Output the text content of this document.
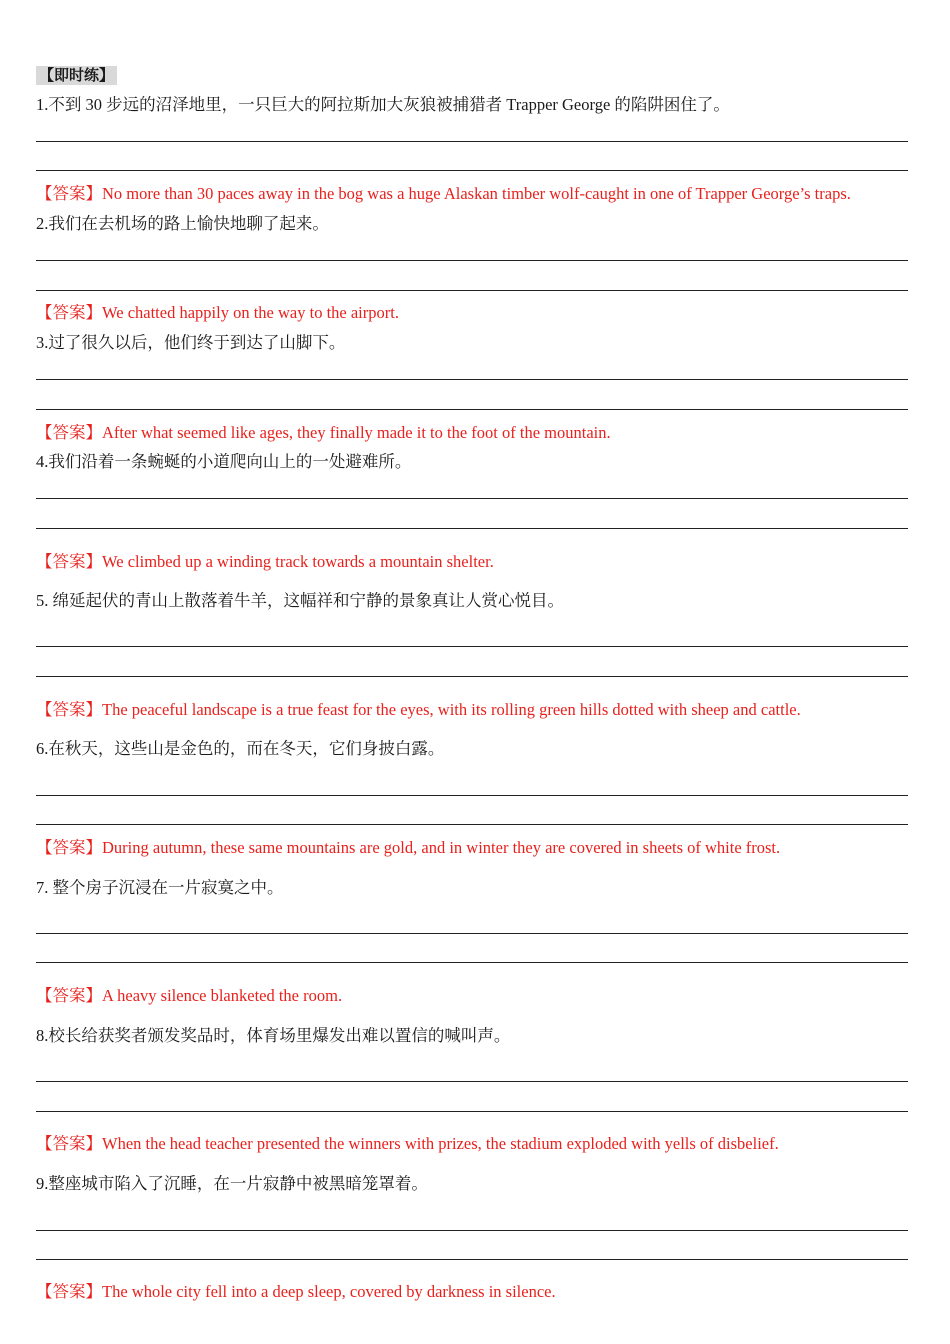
【即时练】
1.不到 30 步远的沼泽地里，一只巨大的阿拉斯加大灰狼被捕猎者 Trapper George 的陷阱困住了。
【答案】No more than 30 paces away in the bog was a huge Alaskan timber wolf-caught in one of Trapper George’s traps.
2.我们在去机场的路上愉快地聊了起来。
【答案】We chatted happily on the way to the airport.
3.过了很久以后，他们终于到达了山脚下。
【答案】After what seemed like ages, they finally made it to the foot of the mountain.
4.我们沿着一条蜿蜒的小道爬向山上的一处避难所。
【答案】We climbed up a winding track towards a mountain shelter.
5. 绵延起伏的青山上散落着牛羊，这幅祥和宁静的景象真让人赏心悦目。
【答案】The peaceful landscape is a true feast for the eyes, with its rolling green hills dotted with sheep and cattle.
6.在秋天，这些山是金色的，而在冬天，它们身披白露。
【答案】During autumn, these same mountains are gold, and in winter they are covered in sheets of white frost.
7. 整个房子沉浸在一片寂寞之中。
【答案】A heavy silence blanketed the room.
8.校长给获奖者颁发奖品时，体育场里爆发出难以置信的喊叫声。
【答案】When the head teacher presented the winners with prizes, the stadium exploded with yells of disbelief.
9.整座城市陷入了沉睡，在一片寂静中被黑暗笼罩着。
【答案】The whole city fell into a deep sleep, covered by darkness in silence.
